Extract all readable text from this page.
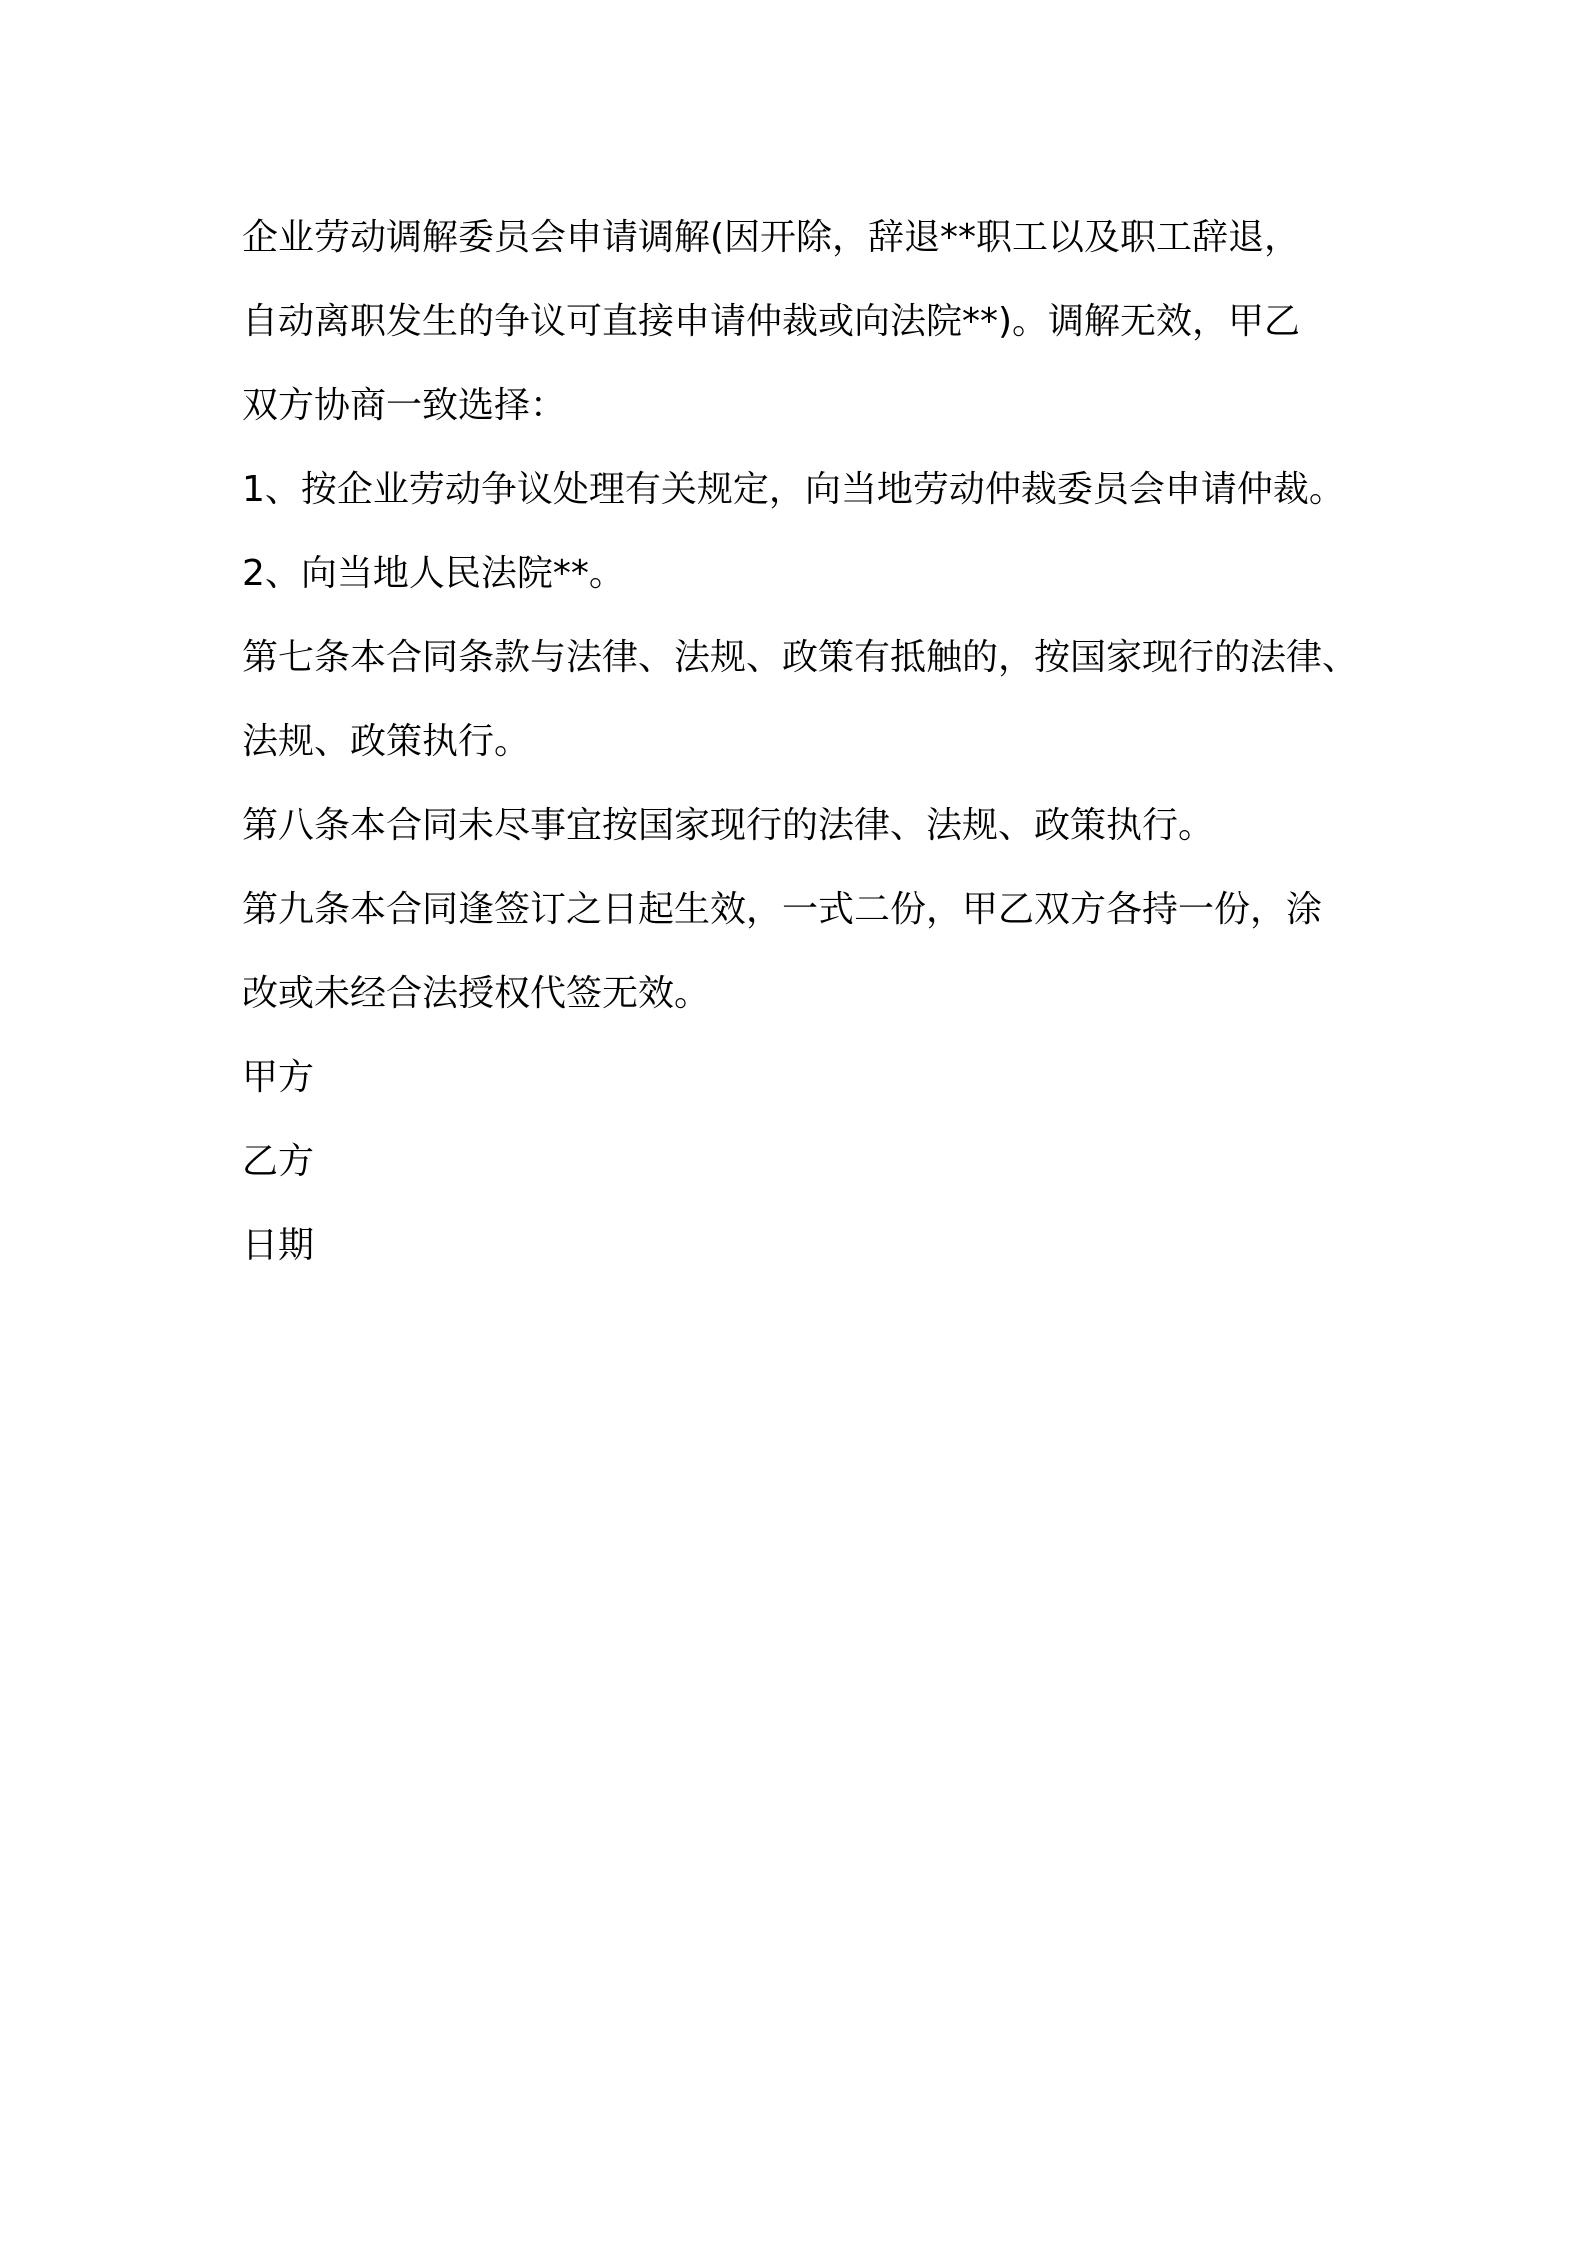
企业劳动调解委员会申请调解(因开除，辞退**职工以及职工辞退，
自动离职发生的争议可直接申请仲裁或向法院**)。调解无效，甲乙
双方协商一致选择：
1、按企业劳动争议处理有关规定，向当地劳动仲裁委员会申请仲裁。
2、向当地人民法院**。
第七条本合同条款与法律、法规、政策有抵触的，按国家现行的法律、
法规、政策执行。
第八条本合同未尽事宜按国家现行的法律、法规、政策执行。
第九条本合同逢签订之日起生效，一式二份，甲乙双方各持一份，涂
改或未经合法授权代签无效。
甲方
乙方
日期
